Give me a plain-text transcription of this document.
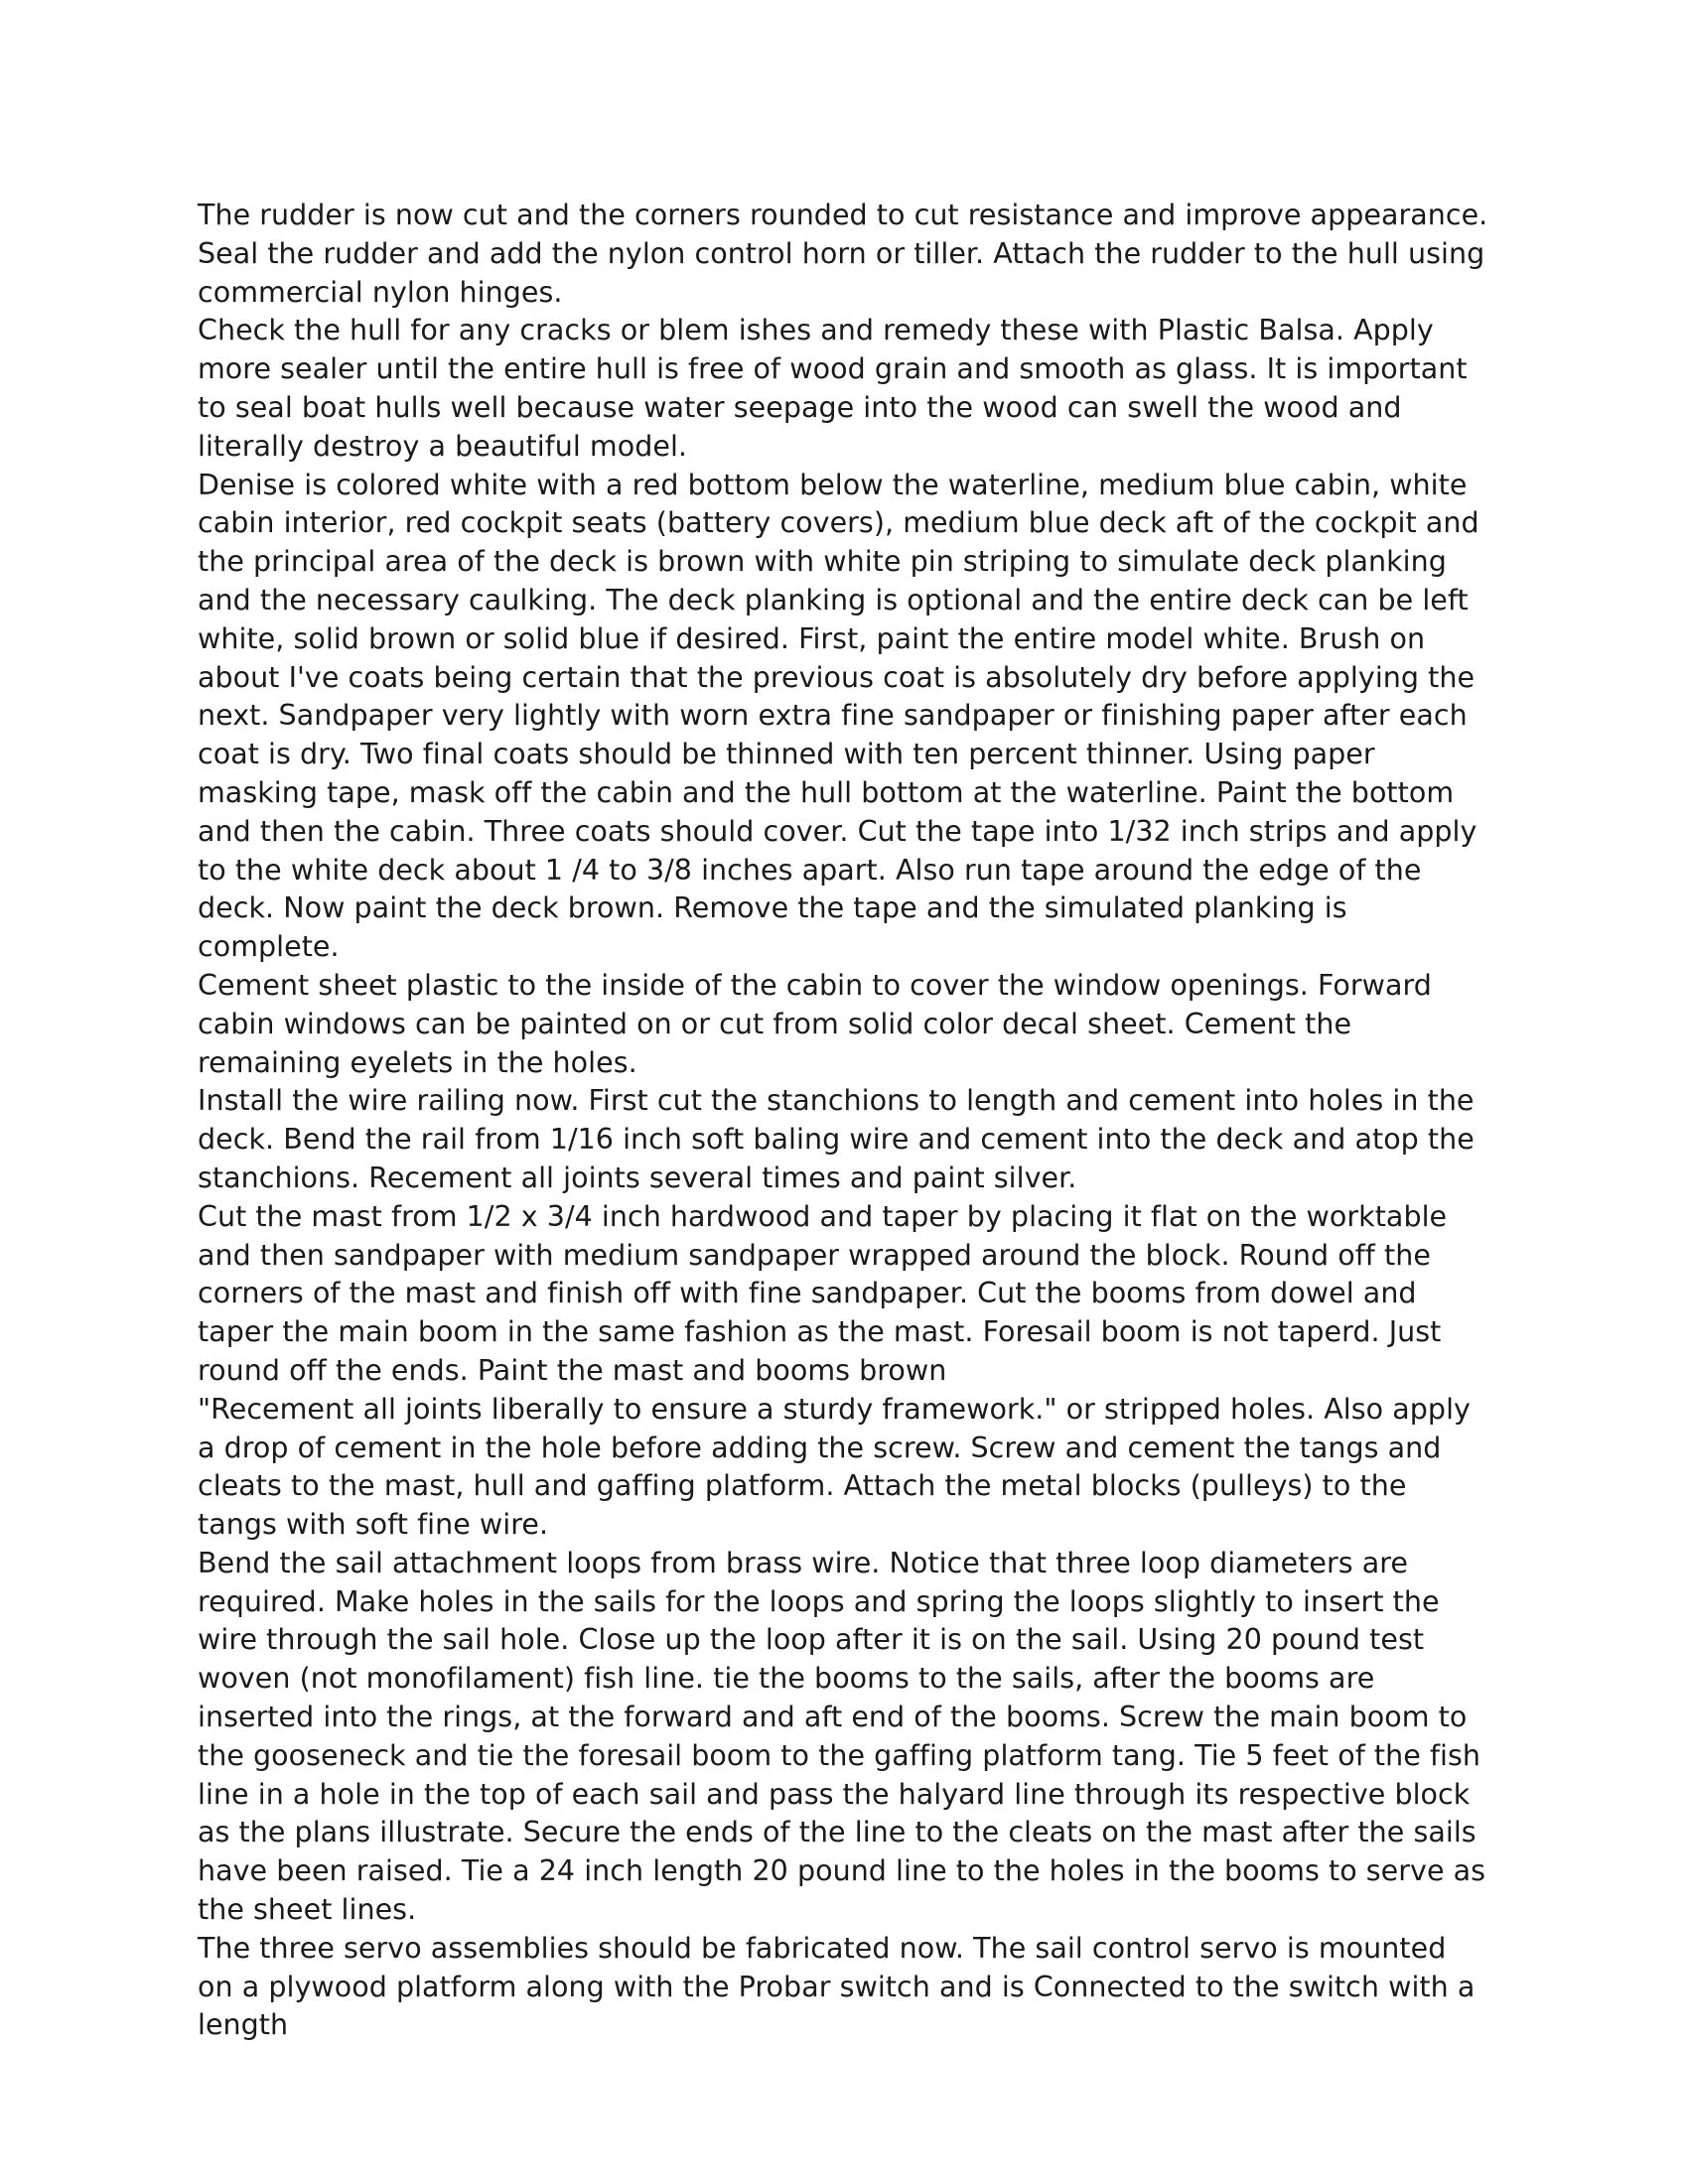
The rudder is now cut and the corners rounded to cut resistance and improve appearance. Seal the rudder and add the nylon control horn or tiller. Attach the rudder to the hull using commercial nylon hinges.

Check the hull for any cracks or blem ishes and remedy these with Plastic Balsa. Apply more sealer until the entire hull is free of wood grain and smooth as glass. It is important to seal boat hulls well because water seepage into the wood can swell the wood and literally destroy a beautiful model.

Denise is colored white with a red bottom below the waterline, medium blue cabin, white cabin interior, red cockpit seats (battery covers), medium blue deck aft of the cockpit and the principal area of the deck is brown with white pin striping to simulate deck planking and the necessary caulking. The deck planking is optional and the entire deck can be left white, solid brown or solid blue if desired. First, paint the entire model white. Brush on about I've coats being certain that the previous coat is absolutely dry before applying the next. Sandpaper very lightly with worn extra fine sandpaper or finishing paper after each coat is dry. Two final coats should be thinned with ten percent thinner. Using paper masking tape, mask off the cabin and the hull bottom at the waterline. Paint the bottom and then the cabin. Three coats should cover. Cut the tape into 1/32 inch strips and apply to the white deck about 1 /4 to 3/8 inches apart. Also run tape around the edge of the deck. Now paint the deck brown. Remove the tape and the simulated planking is complete.

Cement sheet plastic to the inside of the cabin to cover the window openings. Forward cabin windows can be painted on or cut from solid color decal sheet. Cement the remaining eyelets in the holes.

Install the wire railing now. First cut the stanchions to length and cement into holes in the deck. Bend the rail from 1/16 inch soft baling wire and cement into the deck and atop the stanchions. Recement all joints several times and paint silver.

Cut the mast from 1/2 x 3/4 inch hardwood and taper by placing it flat on the worktable and then sandpaper with medium sandpaper wrapped around the block. Round off the corners of the mast and finish off with fine sandpaper. Cut the booms from dowel and taper the main boom in the same fashion as the mast. Foresail boom is not taperd. Just round off the ends. Paint the mast and booms brown

"Recement all joints liberally to ensure a sturdy framework." or stripped holes. Also apply a drop of cement in the hole before adding the screw. Screw and cement the tangs and cleats to the mast, hull and gaffing platform. Attach the metal blocks (pulleys) to the tangs with soft fine wire.

Bend the sail attachment loops from brass wire. Notice that three loop diameters are required. Make holes in the sails for the loops and spring the loops slightly to insert the wire through the sail hole. Close up the loop after it is on the sail. Using 20 pound test woven (not monofilament) fish line. tie the booms to the sails, after the booms are inserted into the rings, at the forward and aft end of the booms. Screw the main boom to the gooseneck and tie the foresail boom to the gaffing platform tang. Tie 5 feet of the fish line in a hole in the top of each sail and pass the halyard line through its respective block as the plans illustrate. Secure the ends of the line to the cleats on the mast after the sails have been raised. Tie a 24 inch length 20 pound line to the holes in the booms to serve as the sheet lines.

The three servo assemblies should be fabricated now. The sail control servo is mounted on a plywood platform along with the Probar switch and is Connected to the switch with a length
